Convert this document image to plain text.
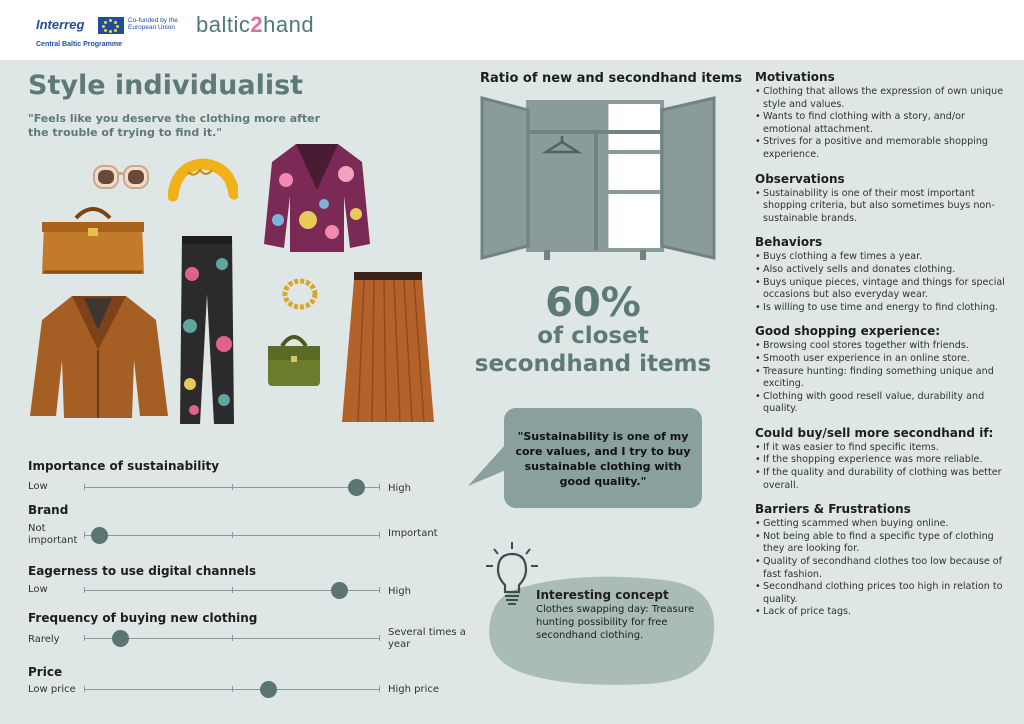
Interreg
Central Baltic Programme
Co-funded by the European Union baltic2hand
Style individualist
"Feels like you deserve the clothing more after the trouble of trying to find it."
Importance of sustainability
Low	High
Brand
Not important
Important
Eagerness to use digital channels
Low	High
Frequency of buying new clothing
Rarely
Several times a year
Price
Low price	High price
Ratio of new and secondhand items
60%
of closet secondhand items
"Sustainability is one of my core values, and I try to buy sustainable clothing with good quality."
Interesting concept
Clothes swapping day: Treasure hunting possibility for free secondhand clothing.
Motivations
• Clothing that allows the expression of own unique style and values.
• Wants to find clothing with a story, and/or emotional attachment.
• Strives for a positive and memorable shopping experience.
Observations
• Sustainability is one of their most important shopping criteria, but also sometimes buys non-sustainable brands.
Behaviors
• Buys clothing a few times a year.
• Also actively sells and donates clothing.
• Buys unique pieces, vintage and things for special occasions but also everyday wear.
• Is willing to use time and energy to find clothing.
Good shopping experience:
• Browsing cool stores together with friends.
• Smooth user experience in an online store.
• Treasure hunting: finding something unique and exciting.
• Clothing with good resell value, durability and quality.
Could buy/sell more secondhand if:
• If it was easier to find specific items.
• If the shopping experience was more reliable.
• If the quality and durability of clothing was better overall.
Barriers & Frustrations
• Getting scammed when buying online.
• Not being able to find a specific type of clothing they are looking for.
• Quality of secondhand clothes too low because of fast fashion.
• Secondhand clothing prices too high in relation to quality.
• Lack of price tags.
